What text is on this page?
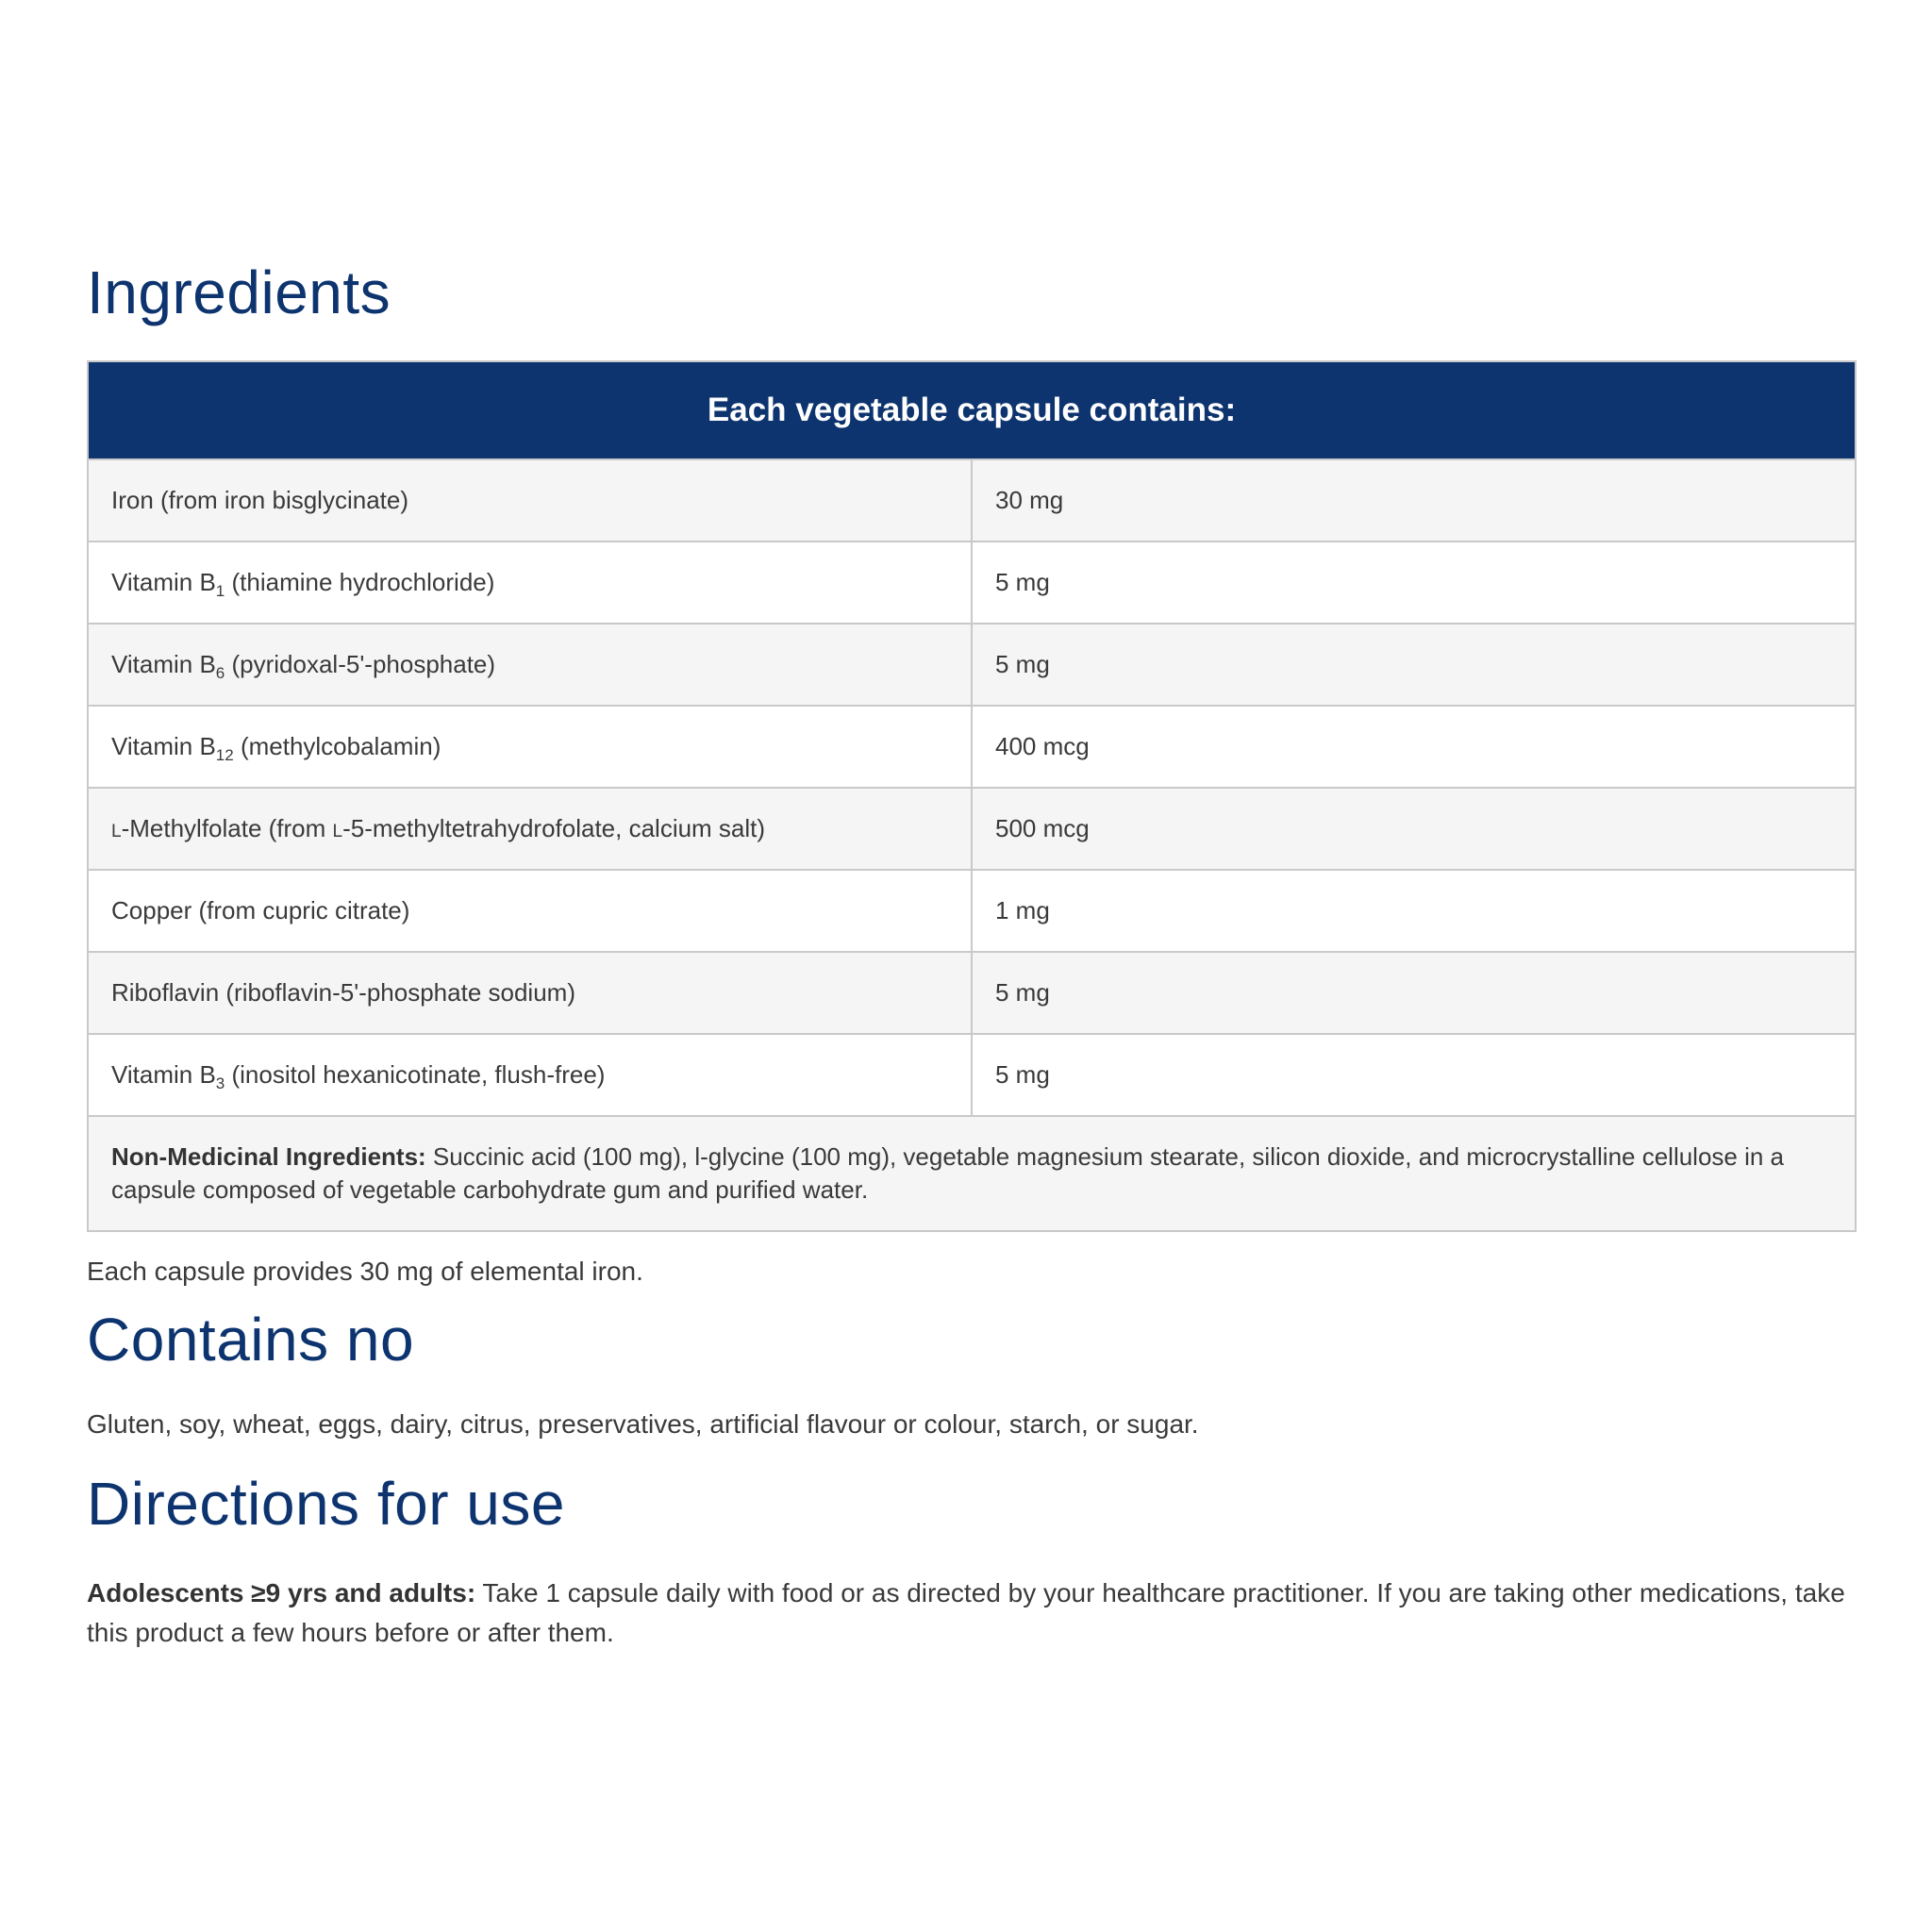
Ingredients
Each vegetable capsule contains:	
Iron (from iron bisglycinate)	30 mg
Vitamin $B_1$ (thiamine hydrochloride)	5 mg
Vitamin $B_6$ (pyridoxal-5'-phosphate)	5 mg
Vitamin $B_{12}$ (methylcobalamin)	400 mcg
L-Methylfolate (from L-5-methyltetrahydrofolate, calcium salt)	500 mcg
Copper (from cupric citrate)	1 mg
Riboflavin (riboflavin-5'-phosphate sodium)	5 mg
Vitamin $B_3$ (inositol hexanicotinate, flush-free)	5 mg
Non-Medicinal Ingredients: Succinic acid (100 mg), l-glycine (100 mg), vegetable magnesium stearate, silicon dioxide, and microcrystalline cellulose in a capsule composed of vegetable carbohydrate gum and purified water.	

Each capsule provides 30 mg of elemental iron.

Contains no

Gluten, soy, wheat, eggs, dairy, citrus, preservatives, artificial flavour or colour, starch, or sugar.

Directions for use

Adolescents ≥9 yrs and adults: Take 1 capsule daily with food or as directed by your healthcare practitioner. If you are taking other medications, take this product a few hours before or after them.
